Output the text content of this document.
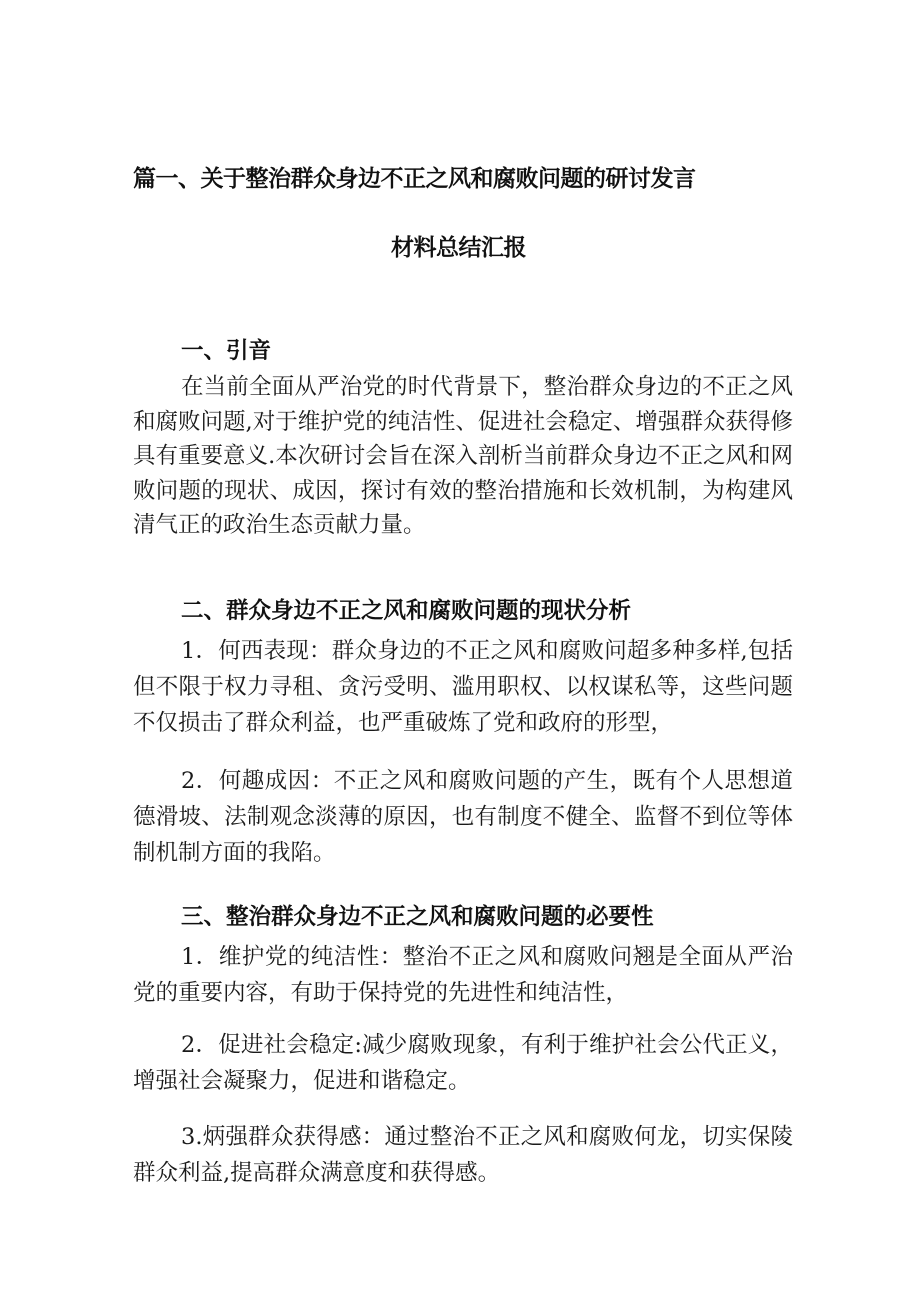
篇一、关于整治群众身边不正之风和腐败问题的研讨发言
材料总结汇报
一、引音
在当前全面从严治党的时代背景下，整治群众身边的不正之风和腐败问题,对于维护党的纯洁性、促进社会稳定、增强群众获得修具有重要意义.本次研讨会旨在深入剖析当前群众身边不正之风和网败问题的现状、成因，探讨有效的整治措施和长效机制，为构建风清气正的政治生态贡献力量。
二、群众身边不正之风和腐败问题的现状分析
1．何西表现：群众身边的不正之风和腐败问超多种多样,包括但不限于权力寻租、贪污受明、滥用职权、以权谋私等，这些问题不仅损击了群众利益，也严重破炼了党和政府的形型，
2．何趣成因：不正之风和腐败问题的产生，既有个人思想道德滑坡、法制观念淡薄的原因，也有制度不健全、监督不到位等体制机制方面的我陷。
三、整治群众身边不正之风和腐败问题的必要性
1．维护党的纯洁性：整治不正之风和腐败问翘是全面从严治党的重要内容，有助于保持党的先进性和纯洁性，
2．促进社会稳定:减少腐败现象，有利于维护社会公代正义，增强社会凝聚力，促进和谐稳定。
3.炳强群众获得感：通过整治不正之风和腐败何龙，切实保陵群众利益,提高群众满意度和获得感。
